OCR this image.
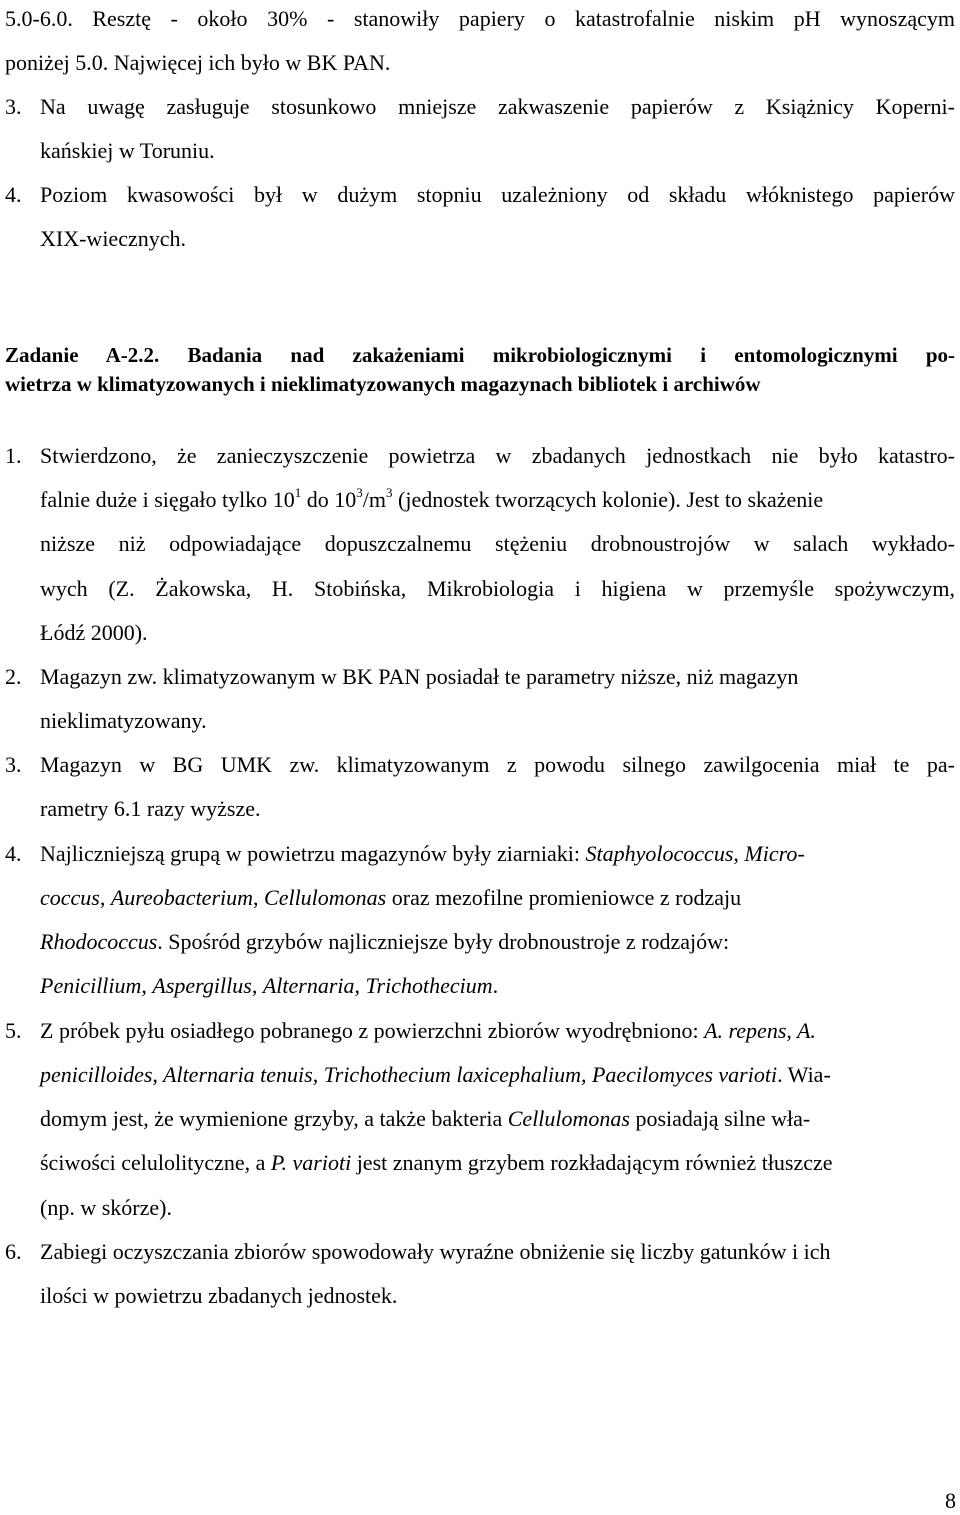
5.0-6.0. Resztę - około 30% - stanowiły papiery o katastrofalnie niskim pH wynoszącym
poniżej 5.0. Najwięcej ich było w BK PAN.
3. Na uwagę zasługuje stosunkowo mniejsze zakwaszenie papierów z Książnicy Koperni-
kańskiej w Toruniu.
4. Poziom kwasowości był w dużym stopniu uzależniony od składu włóknistego papierów
XIX-wiecznych.
Zadanie A-2.2. Badania nad zakażeniami mikrobiologicznymi i entomologicznymi po-
wietrza w klimatyzowanych i nieklimatyzowanych magazynach bibliotek i archiwów
1. Stwierdzono, że zanieczyszczenie powietrza w zbadanych jednostkach nie było katastro-
falnie duże i sięgało tylko $10^1$ do $10^3/m^3$ (jednostek tworzących kolonie). Jest to skażenie
niższe niż odpowiadające dopuszczalnemu stężeniu drobnoustrojów w salach wykłado-
wych (Z. Żakowska, H. Stobińska, Mikrobiologia i higiena w przemyśle spożywczym,
Łódź 2000).
2. Magazyn zw. klimatyzowanym w BK PAN posiadał te parametry niższe, niż magazyn
nieklimatyzowany.
3. Magazyn w BG UMK zw. klimatyzowanym z powodu silnego zawilgocenia miał te pa-
rametry 6.1 razy wyższe.
4. Najliczniejszą grupą w powietrzu magazynów były ziarniaki: Staphyolococcus, Micro-
coccus, Aureobacterium, Cellulomonas oraz mezofilne promieniowce z rodzaju
Rhodococcus. Spośród grzybów najliczniejsze były drobnoustroje z rodzajów:
Penicillium, Aspergillus, Alternaria, Trichothecium.
5. Z próbek pyłu osiadłego pobranego z powierzchni zbiorów wyodrębniono: A. repens, A.
penicilloides, Alternaria tenuis, Trichothecium laxicephalium, Paecilomyces varioti. Wia-
domym jest, że wymienione grzyby, a także bakteria Cellulomonas posiadają silne wła-
ściwości celulolityczne, a P. varioti jest znanym grzybem rozkładającym również tłuszcze
(np. w skórze).
6. Zabiegi oczyszczania zbiorów spowodowały wyraźne obniżenie się liczby gatunków i ich
ilości w powietrzu zbadanych jednostek.
8
